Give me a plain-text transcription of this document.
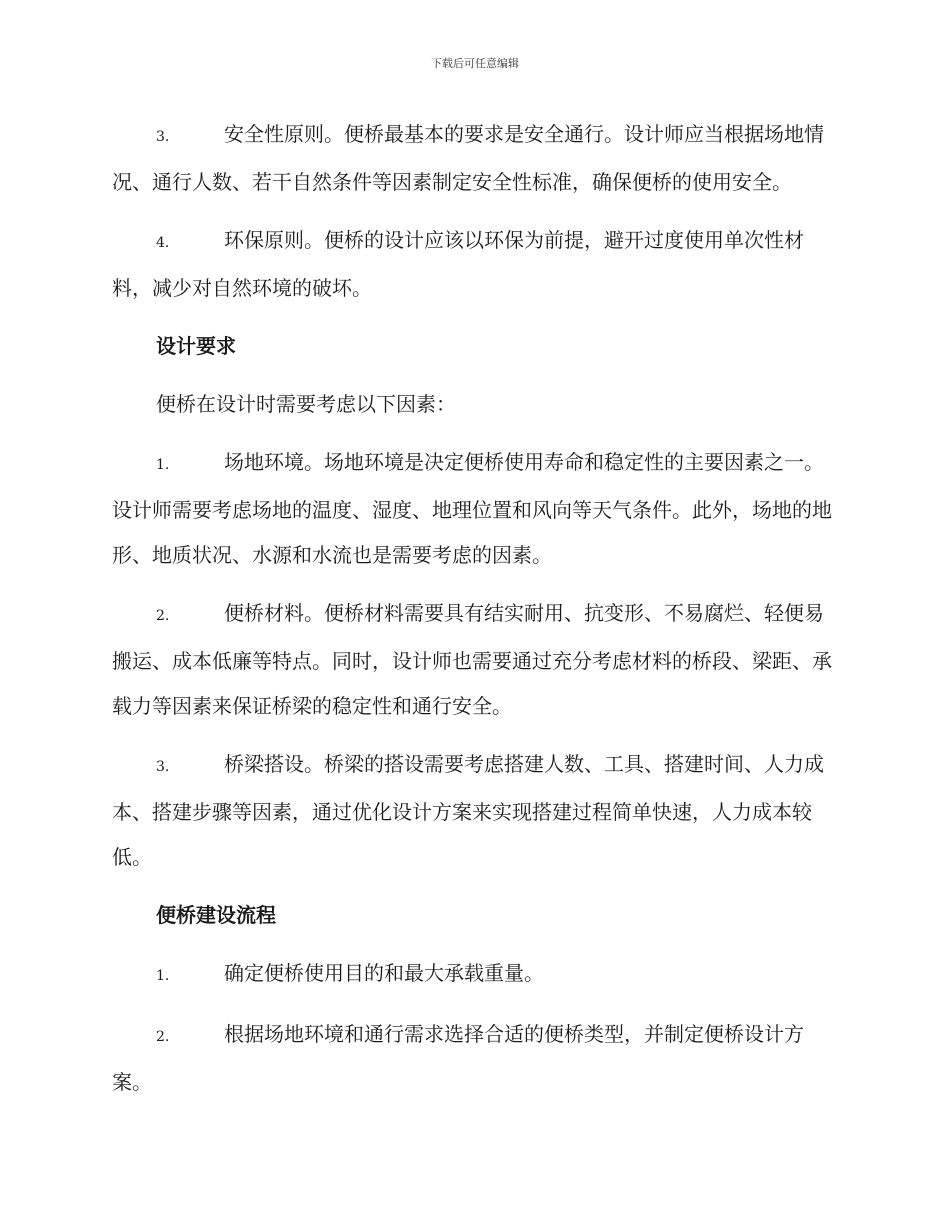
下载后可任意编辑

3.	安全性原则。便桥最基本的要求是安全通行。设计师应当根据场地情况、通行人数、若干自然条件等因素制定安全性标准，确保便桥的使用安全。

4.	环保原则。便桥的设计应该以环保为前提，避开过度使用单次性材料，减少对自然环境的破坏。

设计要求

便桥在设计时需要考虑以下因素：

1.	场地环境。场地环境是决定便桥使用寿命和稳定性的主要因素之一。设计师需要考虑场地的温度、湿度、地理位置和风向等天气条件。此外，场地的地形、地质状况、水源和水流也是需要考虑的因素。

2.	便桥材料。便桥材料需要具有结实耐用、抗变形、不易腐烂、轻便易搬运、成本低廉等特点。同时，设计师也需要通过充分考虑材料的桥段、梁距、承载力等因素来保证桥梁的稳定性和通行安全。

3.	桥梁搭设。桥梁的搭设需要考虑搭建人数、工具、搭建时间、人力成本、搭建步骤等因素，通过优化设计方案来实现搭建过程简单快速，人力成本较低。

便桥建设流程

1.	确定便桥使用目的和最大承载重量。

2.	根据场地环境和通行需求选择合适的便桥类型，并制定便桥设计方案。
